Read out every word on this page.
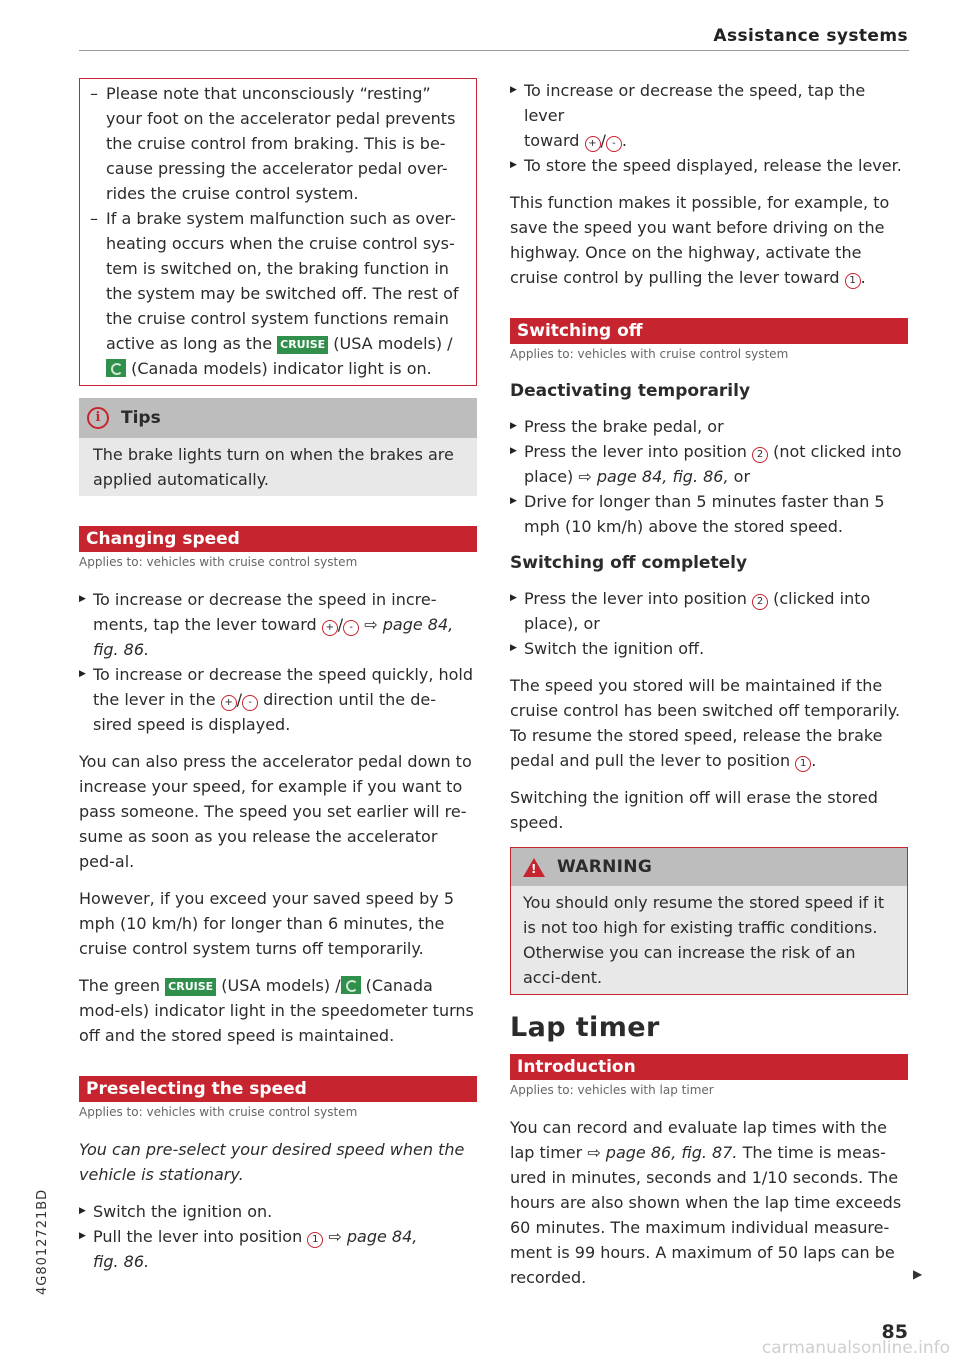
Assistance systems
– Please note that unconsciously “resting”
your foot on the accelerator pedal prevents
the cruise control from braking. This is be-
cause pressing the accelerator pedal over-
rides the cruise control system.
– If a brake system malfunction such as over-
heating occurs when the cruise control sys-
tem is switched on, the braking function in
the system may be switched off. The rest of
the cruise control system functions remain
active as long as the CRUISE (USA models) /
(Canada models) indicator light is on.
i	Tips
The brake lights turn on when the brakes are applied automatically.
Changing speed
Applies to: vehicles with cruise control system
▶ To increase or decrease the speed in incre-
ments, tap the lever toward + / - ⇨ page 84,
fig. 86.
▶ To increase or decrease the speed quickly, hold
the lever in the + / - direction until the de-
sired speed is displayed.

You can also press the accelerator pedal down to increase your speed, for example if you want to pass someone. The speed you set earlier will re-sume as soon as you release the accelerator ped-al.

However, if you exceed your saved speed by 5 mph (10 km/h) for longer than 6 minutes, the cruise control system turns off temporarily.

The green CRUISE (USA models) / (Canada mod-els) indicator light in the speedometer turns off and the stored speed is maintained.

Preselecting the speed
Applies to: vehicles with cruise control system

You can pre-select your desired speed when the vehicle is stationary.

▶ Switch the ignition on.
▶ Pull the lever into position 1 ⇨ page 84,
fig. 86.
▶ To increase or decrease the speed, tap the lever
toward + / - .
▶ To store the speed displayed, release the lever.

This function makes it possible, for example, to save the speed you want before driving on the highway. Once on the highway, activate the cruise control by pulling the lever toward 1 .

Switching off
Applies to: vehicles with cruise control system
Deactivating temporarily
▶ Press the brake pedal, or
▶ Press the lever into position 2 (not clicked into
place) ⇨ page 84, fig. 86, or
▶ Drive for longer than 5 minutes faster than 5
mph (10 km/h) above the stored speed.
Switching off completely
▶ Press the lever into position 2 (clicked into
place), or
▶ Switch the ignition off.

The speed you stored will be maintained if the cruise control has been switched off temporarily. To resume the stored speed, release the brake pedal and pull the lever to position 1 .

Switching the ignition off will erase the stored speed.

!
WARNING
You should only resume the stored speed if it is not too high for existing traffic conditions. Otherwise you can increase the risk of an acci-dent.
Lap timer
Introduction
Applies to: vehicles with lap timer

You can record and evaluate lap times with the lap timer ⇨ page 86, fig. 87. The time is meas-ured in minutes, seconds and 1/10 seconds. The hours are also shown when the lap time exceeds 60 minutes. The maximum individual measure-ment is 99 hours. A maximum of 50 laps can be recorded.	▶
85
4G8012721BD
carmanualsonline.info
